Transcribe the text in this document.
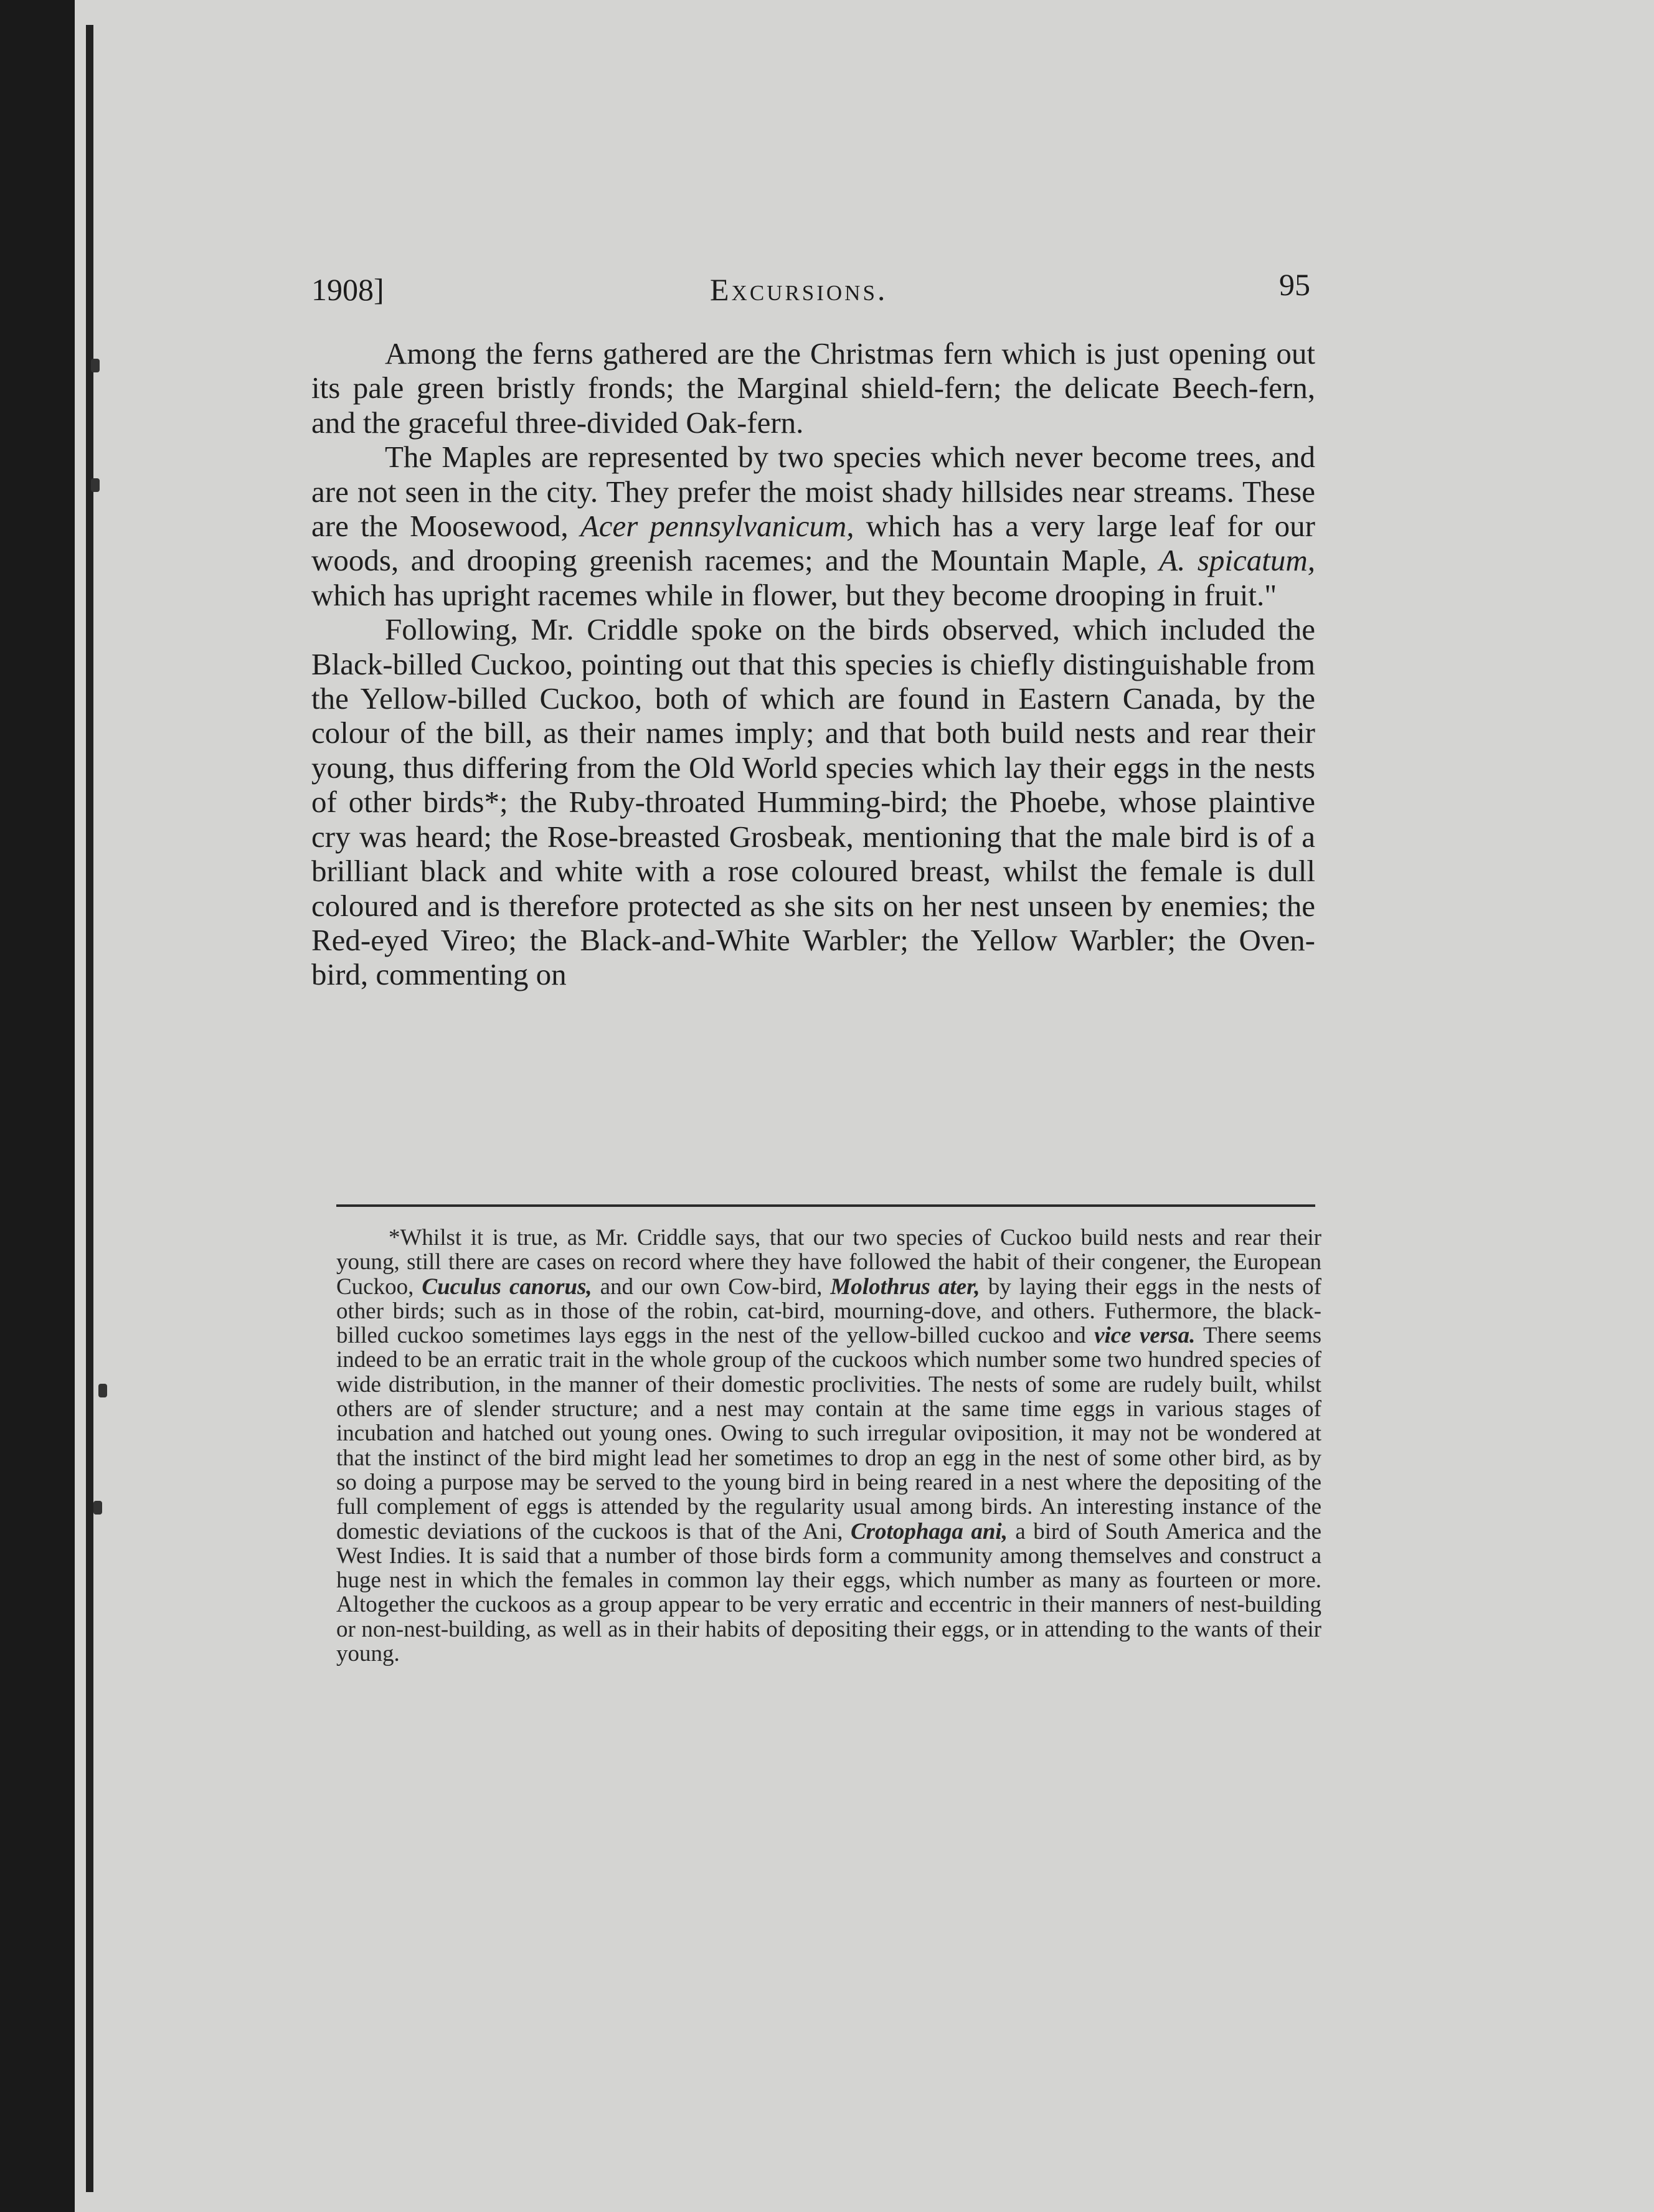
1908]	Excursions.	95

Among the ferns gathered are the Christmas fern which is just opening out its pale green bristly fronds; the Marginal shield-fern; the delicate Beech-fern, and the graceful three-divided Oak-fern.

The Maples are represented by two species which never become trees, and are not seen in the city. They prefer the moist shady hillsides near streams. These are the Moosewood, Acer pennsylvanicum, which has a very large leaf for our woods, and drooping greenish racemes; and the Mountain Maple, A. spicatum, which has upright racemes while in flower, but they become drooping in fruit."

Following, Mr. Criddle spoke on the birds observed, which included the Black-billed Cuckoo, pointing out that this species is chiefly distinguishable from the Yellow-billed Cuckoo, both of which are found in Eastern Canada, by the colour of the bill, as their names imply; and that both build nests and rear their young, thus differing from the Old World species which lay their eggs in the nests of other birds*; the Ruby-throated Humming-bird; the Phoebe, whose plaintive cry was heard; the Rose-breasted Grosbeak, mentioning that the male bird is of a brilliant black and white with a rose coloured breast, whilst the female is dull coloured and is therefore protected as she sits on her nest unseen by enemies; the Red-eyed Vireo; the Black-and-White Warbler; the Yellow Warbler; the Oven-bird, commenting on

*Whilst it is true, as Mr. Criddle says, that our two species of Cuckoo build nests and rear their young, still there are cases on record where they have followed the habit of their congener, the European Cuckoo, Cuculus canorus, and our own Cow-bird, Molothrus ater, by laying their eggs in the nests of other birds; such as in those of the robin, cat-bird, mourning-dove, and others. Futhermore, the black-billed cuckoo sometimes lays eggs in the nest of the yellow-billed cuckoo and vice versa. There seems indeed to be an erratic trait in the whole group of the cuckoos which number some two hundred species of wide distribution, in the manner of their domestic proclivities. The nests of some are rudely built, whilst others are of slender structure; and a nest may contain at the same time eggs in various stages of incubation and hatched out young ones. Owing to such irregular oviposition, it may not be wondered at that the instinct of the bird might lead her sometimes to drop an egg in the nest of some other bird, as by so doing a purpose may be served to the young bird in being reared in a nest where the depositing of the full complement of eggs is attended by the regularity usual among birds. An interesting instance of the domestic deviations of the cuckoos is that of the Ani, Crotophaga ani, a bird of South America and the West Indies. It is said that a number of those birds form a community among themselves and construct a huge nest in which the females in common lay their eggs, which number as many as fourteen or more. Altogether the cuckoos as a group appear to be very erratic and eccentric in their manners of nest-building or non-nest-building, as well as in their habits of depositing their eggs, or in attending to the wants of their young.
